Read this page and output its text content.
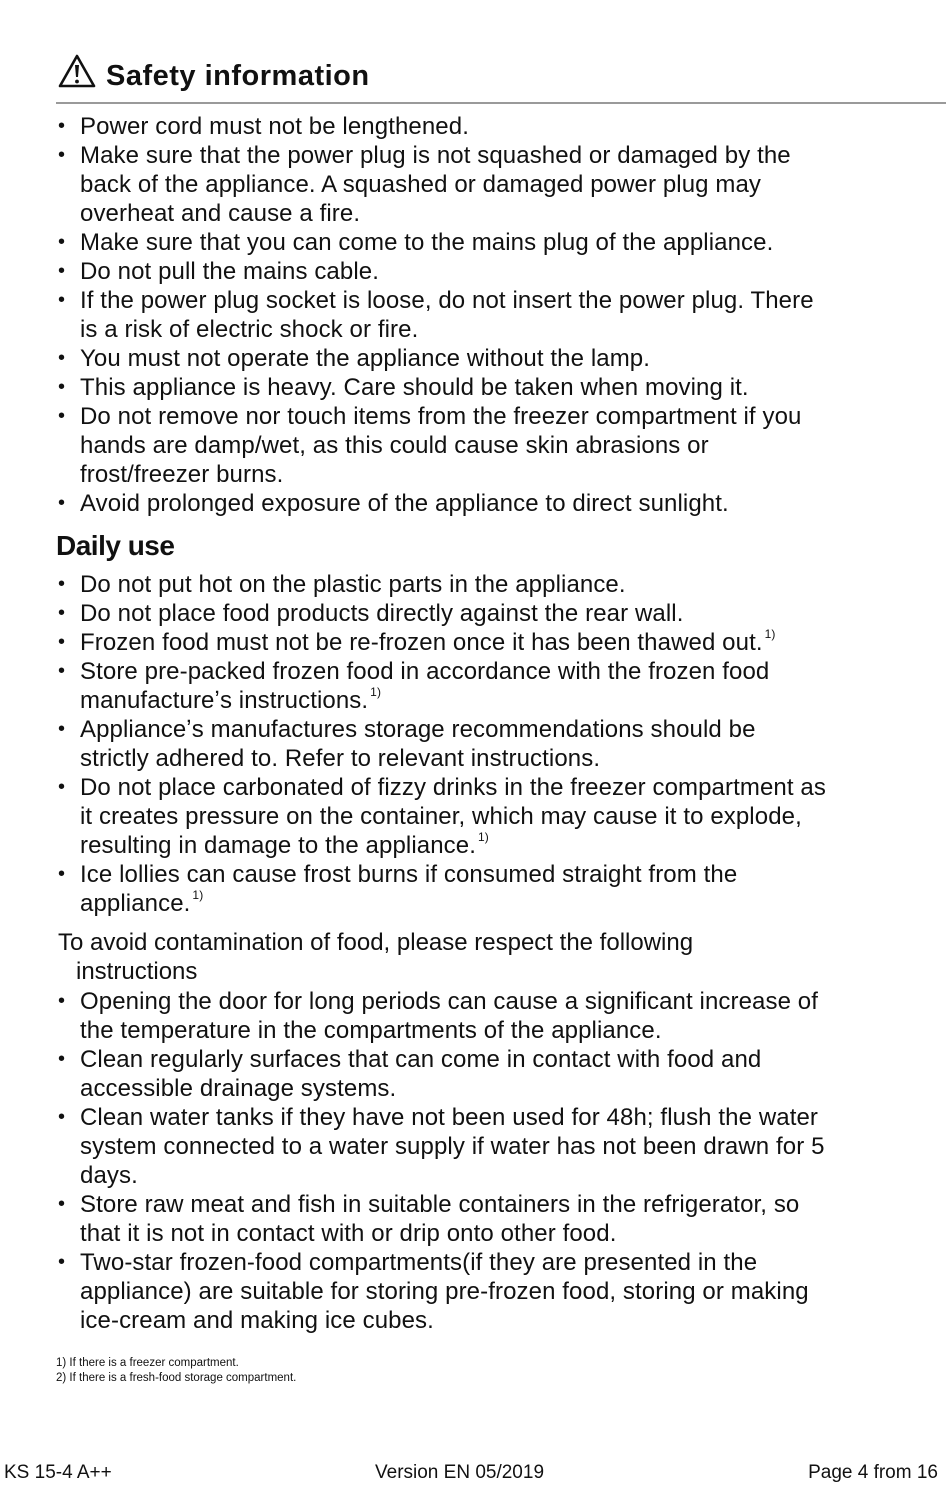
Safety information
• Power cord must not be lengthened.
• Make sure that the power plug is not squashed or damaged by the
back of the appliance. A squashed or damaged power plug may
overheat and cause a fire.
• Make sure that you can come to the mains plug of the appliance.
• Do not pull the mains cable.
• If the power plug socket is loose, do not insert the power plug. There
is a risk of electric shock or fire.
• You must not operate the appliance without the lamp.
• This appliance is heavy. Care should be taken when moving it.
• Do not remove nor touch items from the freezer compartment if you
hands are damp/wet, as this could cause skin abrasions or
frost/freezer burns.
• Avoid prolonged exposure of the appliance to direct sunlight.
Daily use
• Do not put hot on the plastic parts in the appliance.
• Do not place food products directly against the rear wall.
• Frozen food must not be re-frozen once it has been thawed out. $^{1)}$
• Store pre-packed frozen food in accordance with the frozen food
manufactureʼs instructions. $^{1)}$
• Applianceʼs manufactures storage recommendations should be
strictly adhered to. Refer to relevant instructions.
• Do not place carbonated of fizzy drinks in the freezer compartment as
it creates pressure on the container, which may cause it to explode,
resulting in damage to the appliance. $^{1)}$
• Ice lollies can cause frost burns if consumed straight from the
appliance. $^{1)}$
To avoid contamination of food, please respect the following
instructions
• Opening the door for long periods can cause a significant increase of
the temperature in the compartments of the appliance.
• Clean regularly surfaces that can come in contact with food and
accessible drainage systems.
• Clean water tanks if they have not been used for 48h; flush the water
system connected to a water supply if water has not been drawn for 5
days.
• Store raw meat and fish in suitable containers in the refrigerator, so
that it is not in contact with or drip onto other food.
• Two-star frozen-food compartments(if they are presented in the
appliance) are suitable for storing pre-frozen food, storing or making
ice-cream and making ice cubes.
1) If there is a freezer compartment.
2) If there is a fresh-food storage compartment.
KS 15-4 A++	Version EN 05/2019	Page 4 from 16
